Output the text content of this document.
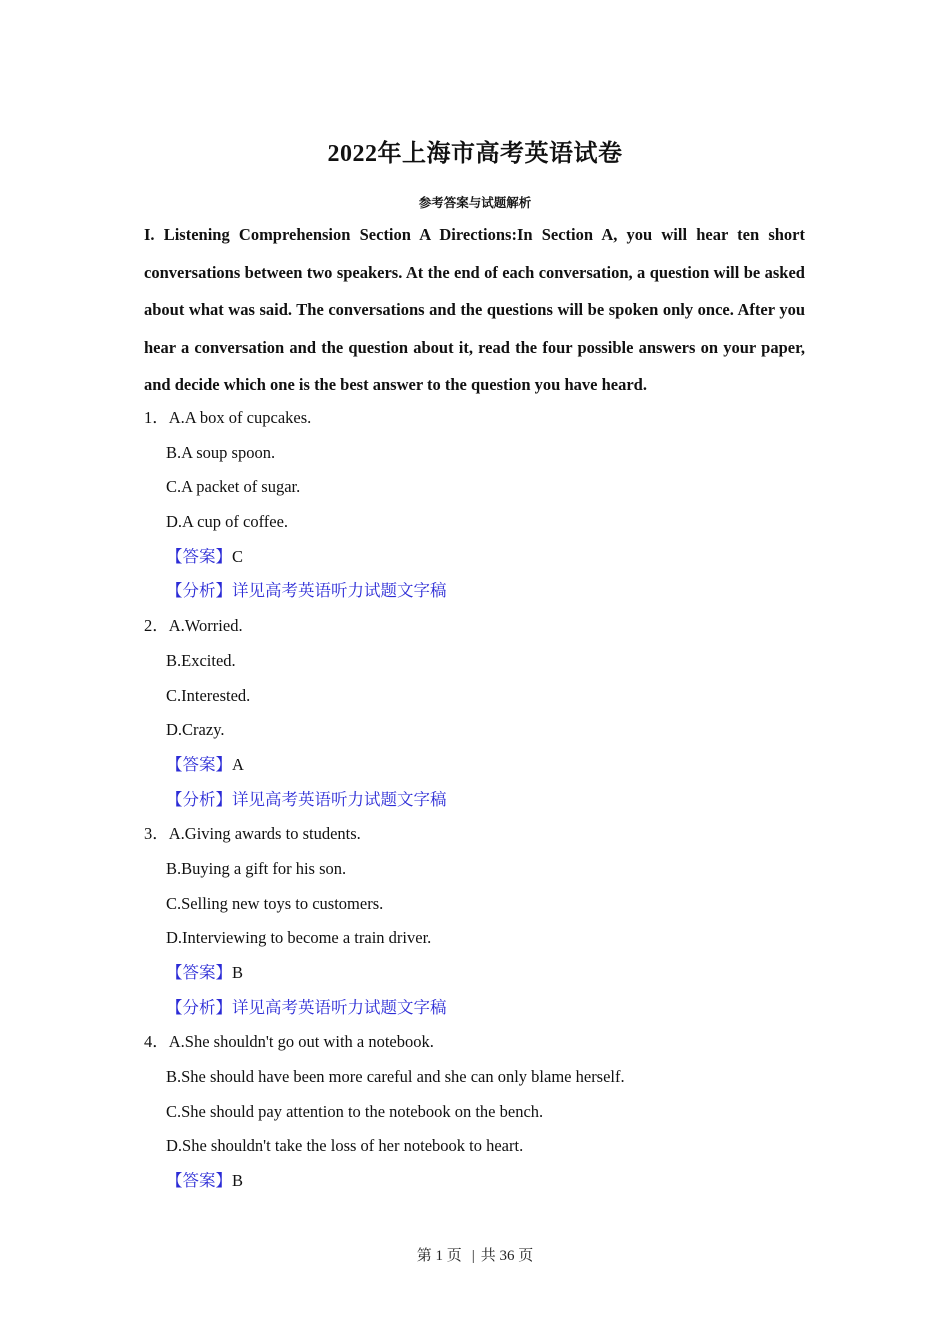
2022年上海市高考英语试卷
参考答案与试题解析
I. Listening Comprehension Section A Directions:In Section A, you will hear ten short conversations between two speakers. At the end of each conversation, a question will be asked about what was said. The conversations and the questions will be spoken only once. After you hear a conversation and the question about it, read the four possible answers on your paper, and decide which one is the best answer to the question you have heard.
1．A.A box of cupcakes.
B.A soup spoon.
C.A packet of sugar.
D.A cup of coffee.
【答案】C
【分析】详见高考英语听力试题文字稿
2．A.Worried.
B.Excited.
C.Interested.
D.Crazy.
【答案】A
【分析】详见高考英语听力试题文字稿
3．A.Giving awards to students.
B.Buying a gift for his son.
C.Selling new toys to customers.
D.Interviewing to become a train driver.
【答案】B
【分析】详见高考英语听力试题文字稿
4．A.She shouldn't go out with a notebook.
B.She should have been more careful and she can only blame herself.
C.She should pay attention to the notebook on the bench.
D.She shouldn't take the loss of her notebook to heart.
【答案】B
第 1 页 | 共 36 页
